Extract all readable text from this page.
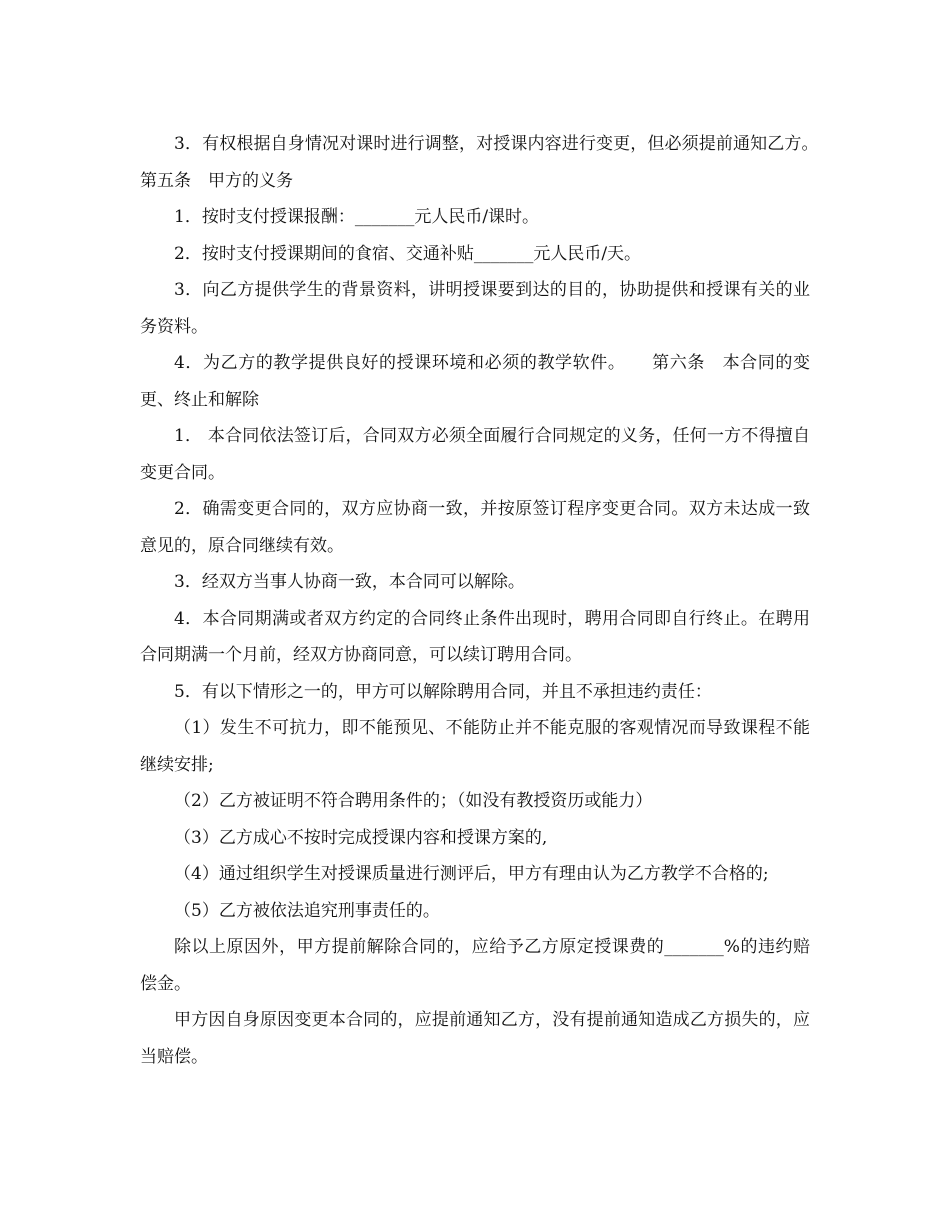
3．有权根据自身情况对课时进行调整，对授课内容进行变更，但必须提前通知乙方。　　第五条　甲方的义务

1．按时支付授课报酬：_______元人民币/课时。

2．按时支付授课期间的食宿、交通补贴_______元人民币/天。

3．向乙方提供学生的背景资料，讲明授课要到达的目的，协助提供和授课有关的业务资料。

4．为乙方的教学提供良好的授课环境和必须的教学软件。　　第六条　本合同的变更、终止和解除

1． 本合同依法签订后，合同双方必须全面履行合同规定的义务，任何一方不得擅自变更合同。

2．确需变更合同的，双方应协商一致，并按原签订程序变更合同。双方未达成一致意见的，原合同继续有效。

3．经双方当事人协商一致，本合同可以解除。

4．本合同期满或者双方约定的合同终止条件出现时，聘用合同即自行终止。在聘用合同期满一个月前，经双方协商同意，可以续订聘用合同。

5．有以下情形之一的，甲方可以解除聘用合同，并且不承担违约责任：

（1）发生不可抗力，即不能预见、不能防止并不能克服的客观情况而导致课程不能继续安排;

（2）乙方被证明不符合聘用条件的；（如没有教授资历或能力）

（3）乙方成心不按时完成授课内容和授课方案的,

（4）通过组织学生对授课质量进行测评后，甲方有理由认为乙方教学不合格的;

（5）乙方被依法追究刑事责任的。

除以上原因外，甲方提前解除合同的，应给予乙方原定授课费的_______%的违约赔偿金。

甲方因自身原因变更本合同的，应提前通知乙方，没有提前通知造成乙方损失的，应当赔偿。
